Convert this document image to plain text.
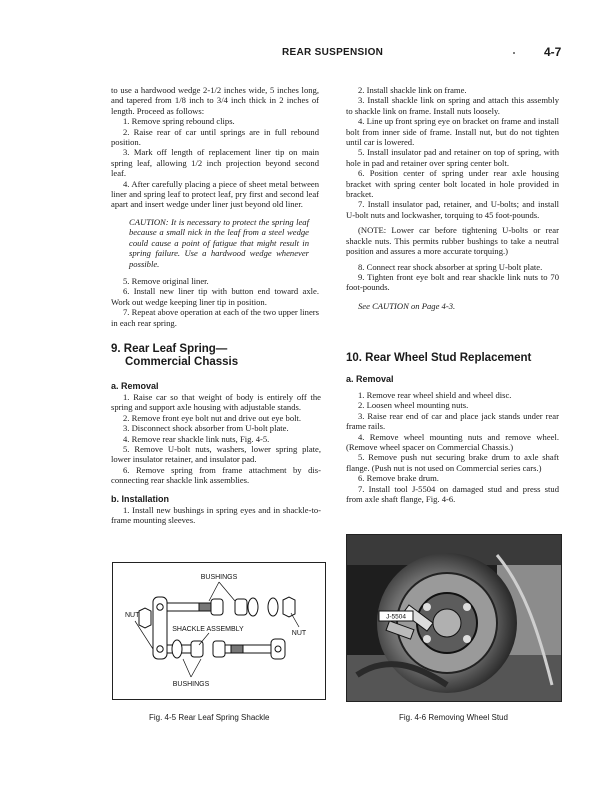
REAR SUSPENSION	4-7

to use a hardwood wedge 2-1/2 inches wide, 5 inches long, and tapered from 1/8 inch to 3/4 inch thick in 2 inches of length. Proceed as follows:

1. Remove spring rebound clips.

2. Raise rear of car until springs are in full rebound position.

3. Mark off length of replacement liner tip on main spring leaf, allowing 1/2 inch projection beyond second leaf.

4. After carefully placing a piece of sheet metal between liner and spring leaf to protect leaf, pry first and second leaf apart and insert wedge under liner just beyond old liner.

CAUTION: It is necessary to protect the spring leaf because a small nick in the leaf from a steel wedge could cause a point of fatigue that might result in spring failure. Use a hardwood wedge whenever possible.

5. Remove original liner.

6. Install new liner tip with button end toward axle. Work out wedge keeping liner tip in position.

7. Repeat above operation at each of the two upper liners in each rear spring.

9. Rear Leaf Spring—

Commercial Chassis

a. Removal

1. Raise car so that weight of body is entirely off the spring and support axle housing with adjustable stands.

2. Remove front eye bolt nut and drive out eye bolt.

3. Disconnect shock absorber from U-bolt plate.

4. Remove rear shackle link nuts, Fig. 4-5.

5. Remove U-bolt nuts, washers, lower spring plate, lower insulator retainer, and insulator pad.

6. Remove spring from frame attachment by dis-connecting rear shackle link assemblies.

b. Installation

1. Install new bushings in spring eyes and in shackle-to-frame mounting sleeves.

2. Install shackle link on frame.

3. Install shackle link on spring and attach this assembly to shackle link on frame. Install nuts loosely.

4. Line up front spring eye on bracket on frame and install bolt from inner side of frame. Install nut, but do not tighten until car is lowered.

5. Install insulator pad and retainer on top of spring, with hole in pad and retainer over spring center bolt.

6. Position center of spring under rear axle housing bracket with spring center bolt located in hole provided in bracket.

7. Install insulator pad, retainer, and U-bolts; and install U-bolt nuts and lockwasher, torquing to 45 foot-pounds.

(NOTE: Lower car before tightening U-bolts or rear shackle nuts. This permits rubber bushings to take a neutral position and assures a more accurate torquing.)

8. Connect rear shock absorber at spring U-bolt plate.

9. Tighten front eye bolt and rear shackle link nuts to 70 foot-pounds.

See CAUTION on Page 4-3.

10. Rear Wheel Stud Replacement

a. Removal

1. Remove rear wheel shield and wheel disc.

2. Loosen wheel mounting nuts.

3. Raise rear end of car and place jack stands under rear frame rails.

4. Remove wheel mounting nuts and remove wheel. (Remove wheel spacer on Commercial Chassis.)

5. Remove push nut securing brake drum to axle shaft flange. (Push nut is not used on Commercial series cars.)

6. Remove brake drum.

7. Install tool J-5504 on damaged stud and press stud from axle shaft flange, Fig. 4-6.

BUSHINGS
NUT
SHACKLE ASSEMBLY
NUT
BUSHINGS
J-5504
Fig. 4-5 Rear Leaf Spring Shackle	Fig. 4-6 Removing Wheel Stud
